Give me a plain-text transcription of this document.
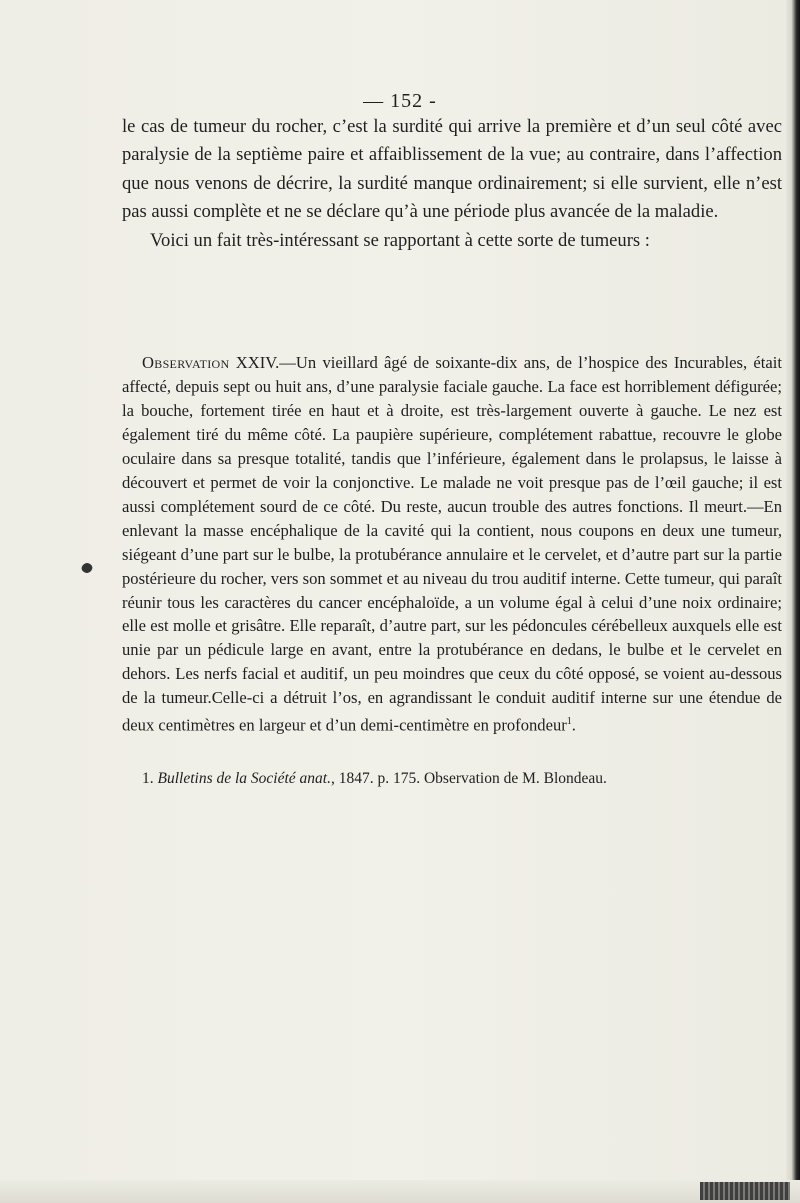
— 152 -

le cas de tumeur du rocher, c’est la surdité qui arrive la première et d’un seul côté avec paralysie de la septième paire et affaiblissement de la vue; au contraire, dans l’affection que nous venons de décrire, la surdité manque ordinairement; si elle survient, elle n’est pas aussi complète et ne se déclare qu’à une période plus avancée de la maladie.

Voici un fait très-intéressant se rapportant à cette sorte de tumeurs :

Observation XXIV.—Un vieillard âgé de soixante-dix ans, de l’hospice des Incurables, était affecté, depuis sept ou huit ans, d’une paralysie faciale gauche. La face est horriblement défigurée; la bouche, fortement tirée en haut et à droite, est très-largement ouverte à gauche. Le nez est également tiré du même côté. La paupière supérieure, complétement rabattue, recouvre le globe oculaire dans sa presque totalité, tandis que l’inférieure, également dans le prolapsus, le laisse à découvert et permet de voir la conjonctive. Le malade ne voit presque pas de l’œil gauche; il est aussi complétement sourd de ce côté. Du reste, aucun trouble des autres fonctions. Il meurt.—En enlevant la masse encéphalique de la cavité qui la contient, nous coupons en deux une tumeur, siégeant d’une part sur le bulbe, la protubérance annulaire et le cervelet, et d’autre part sur la partie postérieure du rocher, vers son sommet et au niveau du trou auditif interne. Cette tumeur, qui paraît réunir tous les caractères du cancer encéphaloïde, a un volume égal à celui d’une noix ordinaire; elle est molle et grisâtre. Elle reparaît, d’autre part, sur les pédoncules cérébelleux auxquels elle est unie par un pédicule large en avant, entre la protubérance en dedans, le bulbe et le cervelet en dehors. Les nerfs facial et auditif, un peu moindres que ceux du côté opposé, se voient au-dessous de la tumeur.Celle-ci a détruit l’os, en agrandissant le conduit auditif interne sur une étendue de deux centimètres en largeur et d’un demi-centimètre en profondeur$^1$.

1. Bulletins de la Société anat., 1847. p. 175. Observation de M. Blondeau.
